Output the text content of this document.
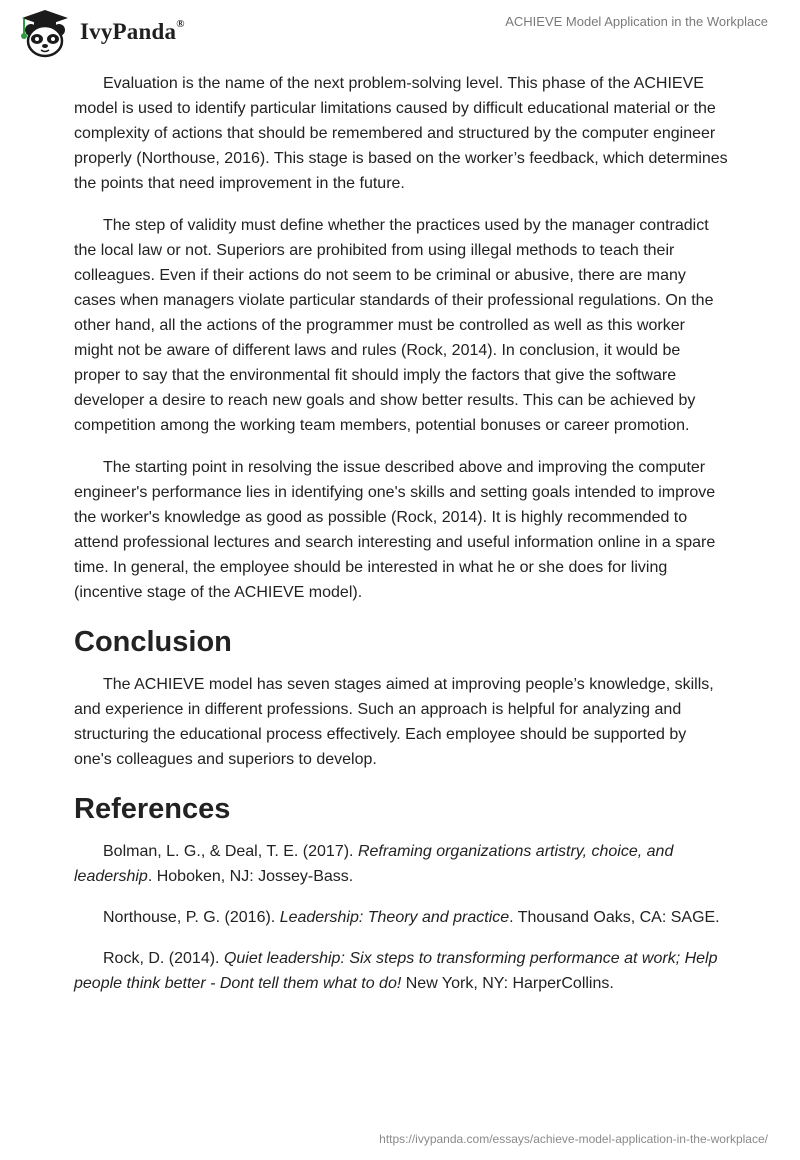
IvyPanda®	ACHIEVE Model Application in the Workplace

Evaluation is the name of the next problem-solving level. This phase of the ACHIEVE model is used to identify particular limitations caused by difficult educational material or the complexity of actions that should be remembered and structured by the computer engineer properly (Northouse, 2016). This stage is based on the worker’s feedback, which determines the points that need improvement in the future.

The step of validity must define whether the practices used by the manager contradict the local law or not. Superiors are prohibited from using illegal methods to teach their colleagues. Even if their actions do not seem to be criminal or abusive, there are many cases when managers violate particular standards of their professional regulations. On the other hand, all the actions of the programmer must be controlled as well as this worker might not be aware of different laws and rules (Rock, 2014). In conclusion, it would be proper to say that the environmental fit should imply the factors that give the software developer a desire to reach new goals and show better results. This can be achieved by competition among the working team members, potential bonuses or career promotion.

The starting point in resolving the issue described above and improving the computer engineer's performance lies in identifying one's skills and setting goals intended to improve the worker's knowledge as good as possible (Rock, 2014). It is highly recommended to attend professional lectures and search interesting and useful information online in a spare time. In general, the employee should be interested in what he or she does for living (incentive stage of the ACHIEVE model).

Conclusion

The ACHIEVE model has seven stages aimed at improving people’s knowledge, skills, and experience in different professions. Such an approach is helpful for analyzing and structuring the educational process effectively. Each employee should be supported by one's colleagues and superiors to develop.

References

Bolman, L. G., & Deal, T. E. (2017). Reframing organizations artistry, choice, and leadership. Hoboken, NJ: Jossey-Bass.

Northouse, P. G. (2016). Leadership: Theory and practice. Thousand Oaks, CA: SAGE.

Rock, D. (2014). Quiet leadership: Six steps to transforming performance at work; Help people think better - Dont tell them what to do! New York, NY: HarperCollins.

https://ivypanda.com/essays/achieve-model-application-in-the-workplace/
